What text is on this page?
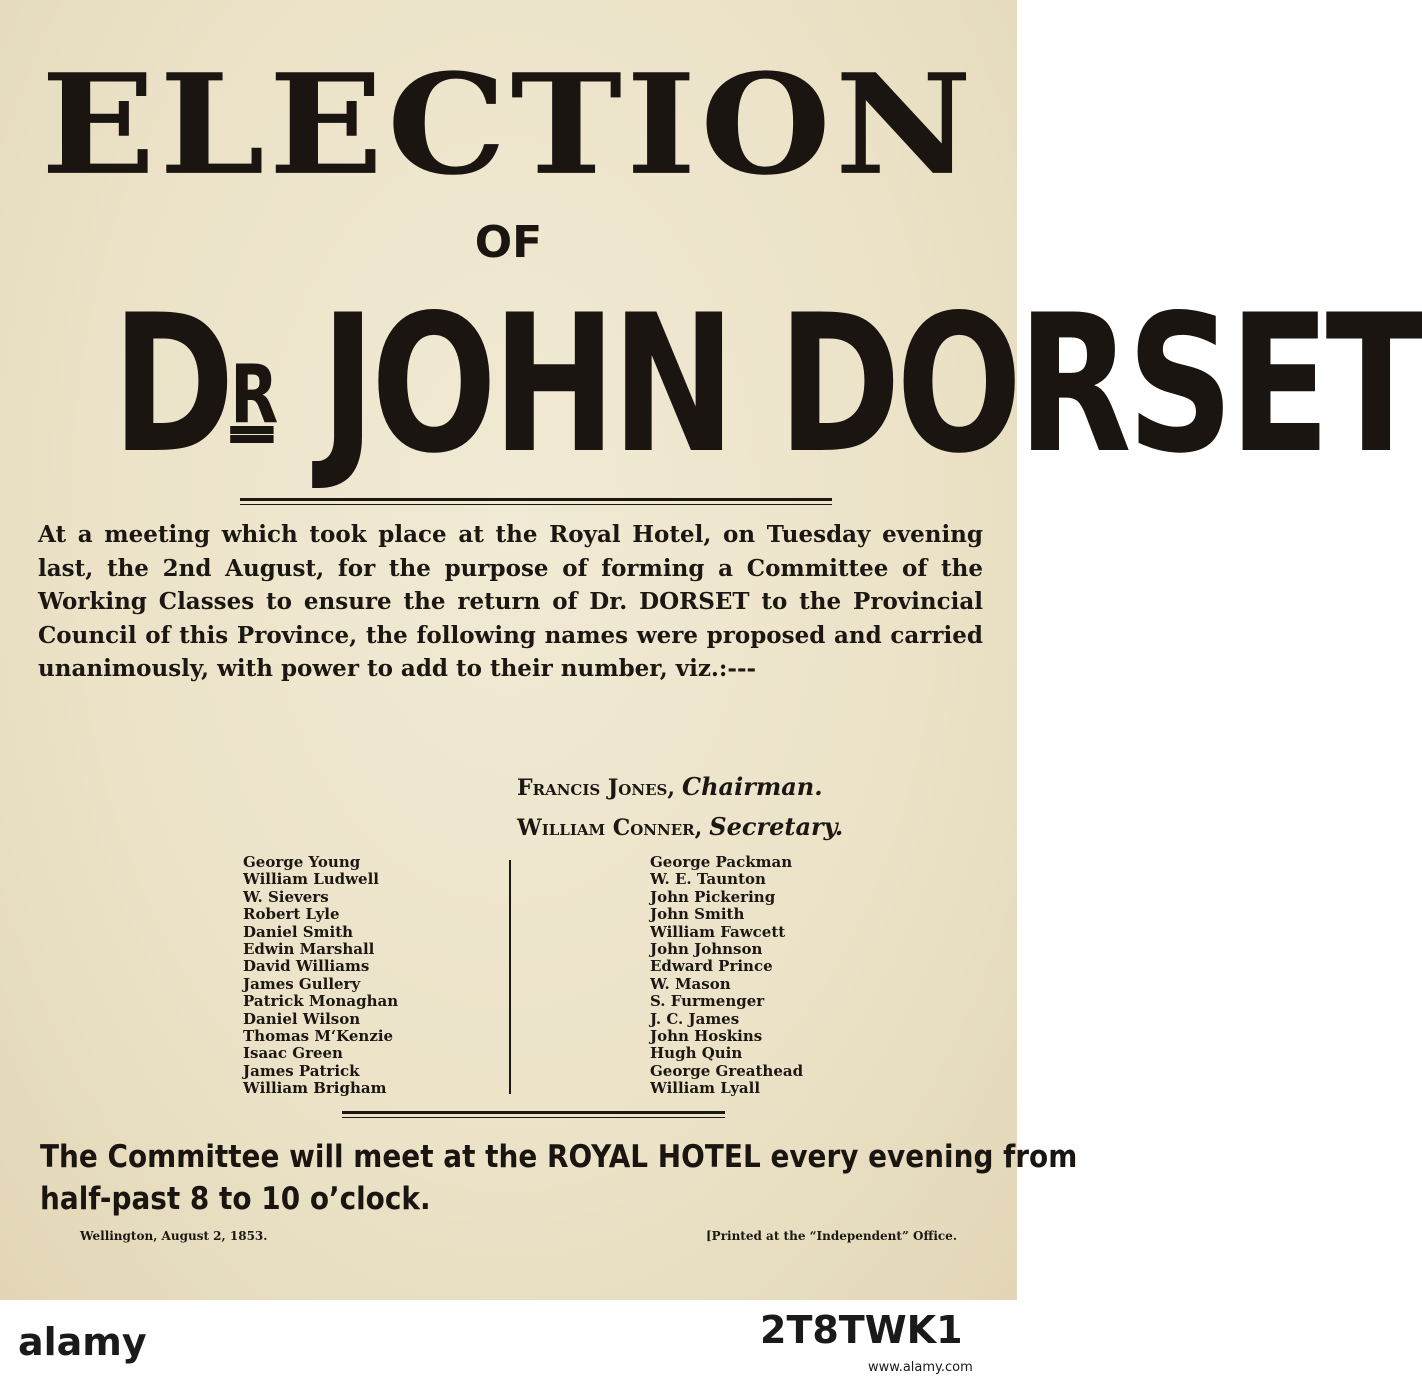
ELECTION
OF
$D^R$ JOHN DORSET
At a meeting which took place at the Royal Hotel, on Tuesday evening last, the 2nd August, for the purpose of forming a Committee of the Working Classes to ensure the return of Dr. DORSET to the Provincial Council of this Province, the following names were proposed and carried unanimously, with power to add to their number, viz.:---
Francis Jones, Chairman.
William Conner, Secretary.
George Young
William Ludwell
W. Sievers
Robert Lyle
Daniel Smith
Edwin Marshall
David Williams
James Gullery
Patrick Monaghan
Daniel Wilson
Thomas M‘Kenzie
Isaac Green
James Patrick
William Brigham
George Packman
W. E. Taunton
John Pickering
John Smith
William Fawcett
John Johnson
Edward Prince
W. Mason
S. Furmenger
J. C. James
John Hoskins
Hugh Quin
George Greathead
William Lyall
The Committee will meet at the ROYAL HOTEL every evening from
half-past 8 to 10 o’clock.
Wellington, August 2, 1853.	[Printed at the “Independent” Office.
alamy	2T8TWK1
www.alamy.com
